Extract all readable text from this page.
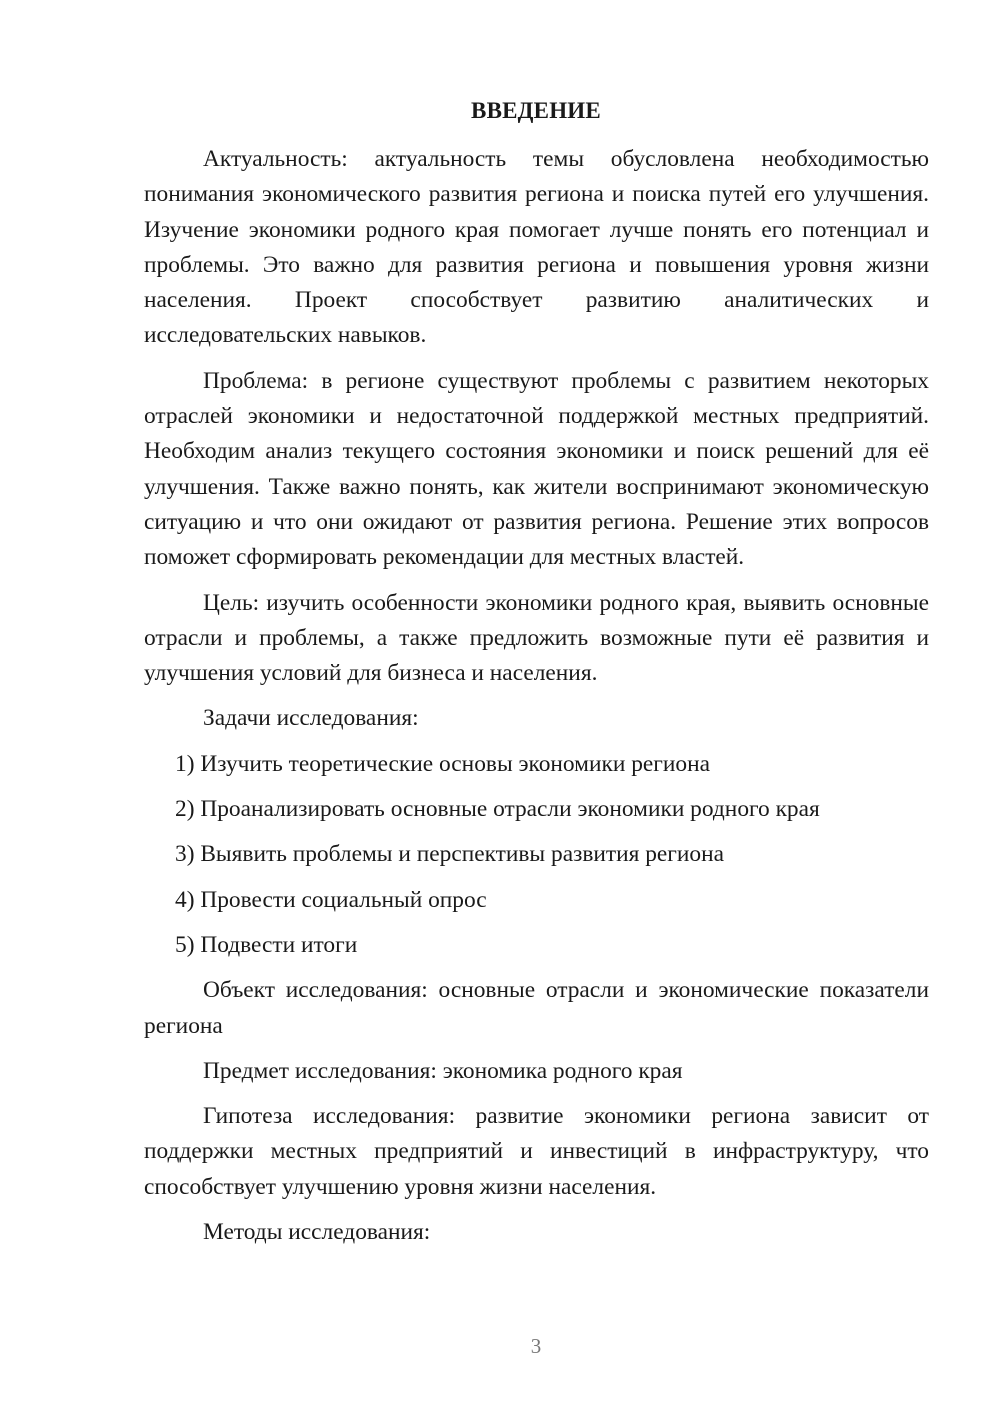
ВВЕДЕНИЕ

Актуальность: актуальность темы обусловлена необходимостью понимания экономического развития региона и поиска путей его улучшения. Изучение экономики родного края помогает лучше понять его потенциал и проблемы. Это важно для развития региона и повышения уровня жизни населения. Проект способствует развитию аналитических и исследовательских навыков.

Проблема: в регионе существуют проблемы с развитием некоторых отраслей экономики и недостаточной поддержкой местных предприятий. Необходим анализ текущего состояния экономики и поиск решений для её улучшения. Также важно понять, как жители воспринимают экономическую ситуацию и что они ожидают от развития региона. Решение этих вопросов поможет сформировать рекомендации для местных властей.

Цель: изучить особенности экономики родного края, выявить основные отрасли и проблемы, а также предложить возможные пути её развития и улучшения условий для бизнеса и населения.

Задачи исследования:

1) Изучить теоретические основы экономики региона
2) Проанализировать основные отрасли экономики родного края
3) Выявить проблемы и перспективы развития региона
4) Провести социальный опрос
5) Подвести итоги

Объект исследования: основные отрасли и экономические показатели региона

Предмет исследования: экономика родного края

Гипотеза исследования: развитие экономики региона зависит от поддержки местных предприятий и инвестиций в инфраструктуру, что способствует улучшению уровня жизни населения.

Методы исследования:

3
